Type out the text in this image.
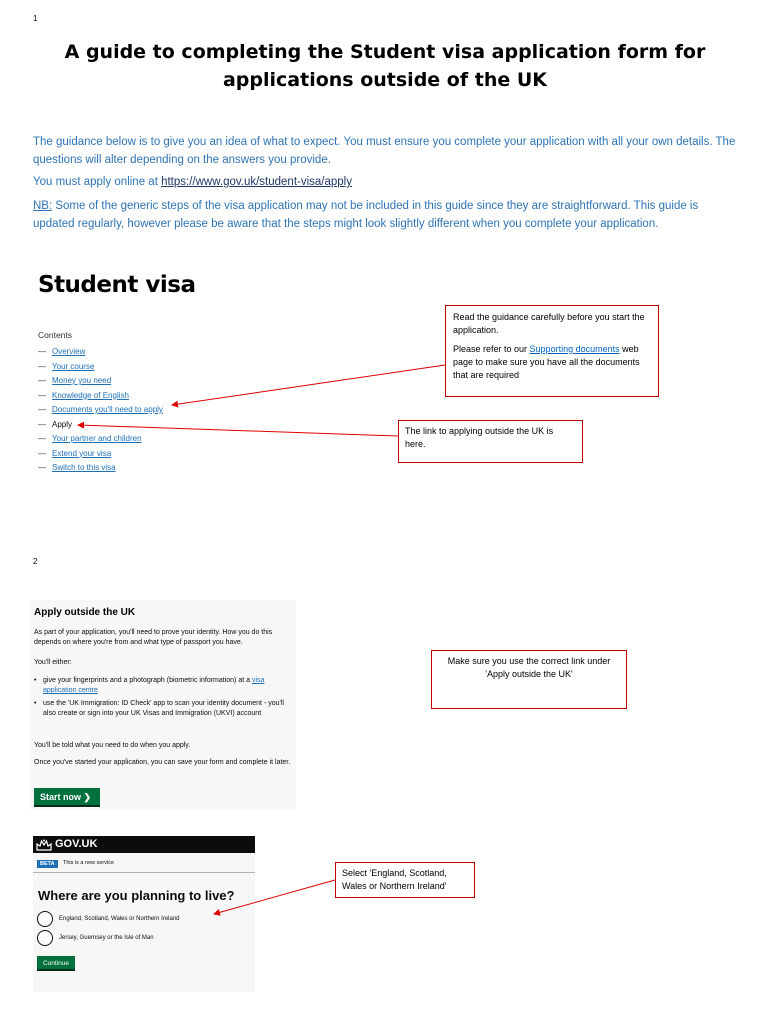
1
A guide to completing the Student visa application form for applications outside of the UK
The guidance below is to give you an idea of what to expect. You must ensure you complete your application with all your own details. The questions will alter depending on the answers you provide.
You must apply online at https://www.gov.uk/student-visa/apply
NB: Some of the generic steps of the visa application may not be included in this guide since they are straightforward. This guide is updated regularly, however please be aware that the steps might look slightly different when you complete your application.
Student visa
Contents
— Overview
— Your course
— Money you need
— Knowledge of English
— Documents you'll need to apply
— Apply
— Your partner and children
— Extend your visa
— Switch to this visa

Read the guidance carefully before you start the application.

Please refer to our Supporting documents web page to make sure you have all the documents that are required

The link to applying outside the UK is here.
2
Apply outside the UK
As part of your application, you'll need to prove your identity. How you do this depends on where you're from and what type of passport you have.
You'll either:
• give your fingerprints and a photograph (biometric information) at a visa application centre
• use the 'UK Immigration: ID Check' app to scan your identity document - you'll also create or sign into your UK Visas and Immigration (UKVI) account
You'll be told what you need to do when you apply.
Once you've started your application, you can save your form and complete it later.
Start now ❯
Make sure you use the correct link under 'Apply outside the UK'
GOV.UK
BETA	This is a new service
Where are you planning to live?
England, Scotland, Wales or Northern Ireland
Jersey, Guernsey or the Isle of Man
Continue
Select 'England, Scotland, Wales or Northern Ireland'
